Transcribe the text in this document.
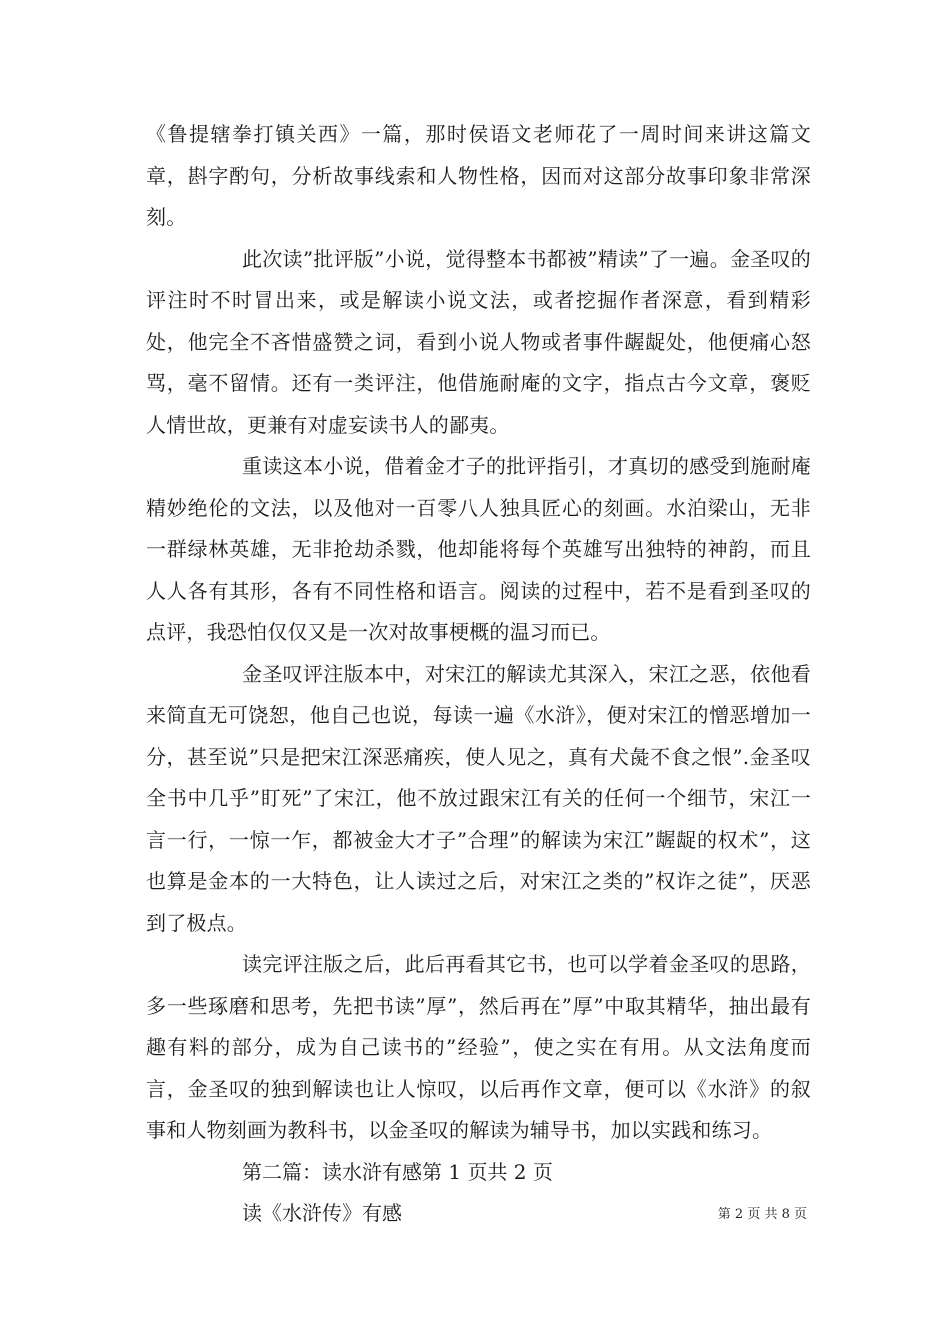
《鲁提辖拳打镇关西》一篇，那时侯语文老师花了一周时间来讲这篇文章，斟字酌句，分析故事线索和人物性格，因而对这部分故事印象非常深刻。

此次读”批评版”小说，觉得整本书都被”精读”了一遍。金圣叹的评注时不时冒出来，或是解读小说文法，或者挖掘作者深意，看到精彩处，他完全不吝惜盛赞之词，看到小说人物或者事件龌龊处，他便痛心怒骂，毫不留情。还有一类评注，他借施耐庵的文字，指点古今文章，褒贬人情世故，更兼有对虚妄读书人的鄙夷。

重读这本小说，借着金才子的批评指引，才真切的感受到施耐庵精妙绝伦的文法，以及他对一百零八人独具匠心的刻画。水泊梁山，无非一群绿林英雄，无非抢劫杀戮，他却能将每个英雄写出独特的神韵，而且人人各有其形，各有不同性格和语言。阅读的过程中，若不是看到圣叹的点评，我恐怕仅仅又是一次对故事梗概的温习而已。

金圣叹评注版本中，对宋江的解读尤其深入，宋江之恶，依他看来简直无可饶恕，他自己也说，每读一遍《水浒》，便对宋江的憎恶增加一分，甚至说”只是把宋江深恶痛疾，使人见之，真有犬彘不食之恨”.金圣叹全书中几乎”盯死”了宋江，他不放过跟宋江有关的任何一个细节，宋江一言一行，一惊一乍，都被金大才子”合理”的解读为宋江”龌龊的权术”，这也算是金本的一大特色，让人读过之后，对宋江之类的”权诈之徒”，厌恶到了极点。

读完评注版之后，此后再看其它书，也可以学着金圣叹的思路，多一些琢磨和思考，先把书读”厚”，然后再在”厚”中取其精华，抽出最有趣有料的部分，成为自己读书的”经验”，使之实在有用。从文法角度而言，金圣叹的独到解读也让人惊叹，以后再作文章，便可以《水浒》的叙事和人物刻画为教科书，以金圣叹的解读为辅导书，加以实践和练习。

第二篇：读水浒有感第 1 页共 2 页

读《水浒传》有感	第 2 页 共 8 页
